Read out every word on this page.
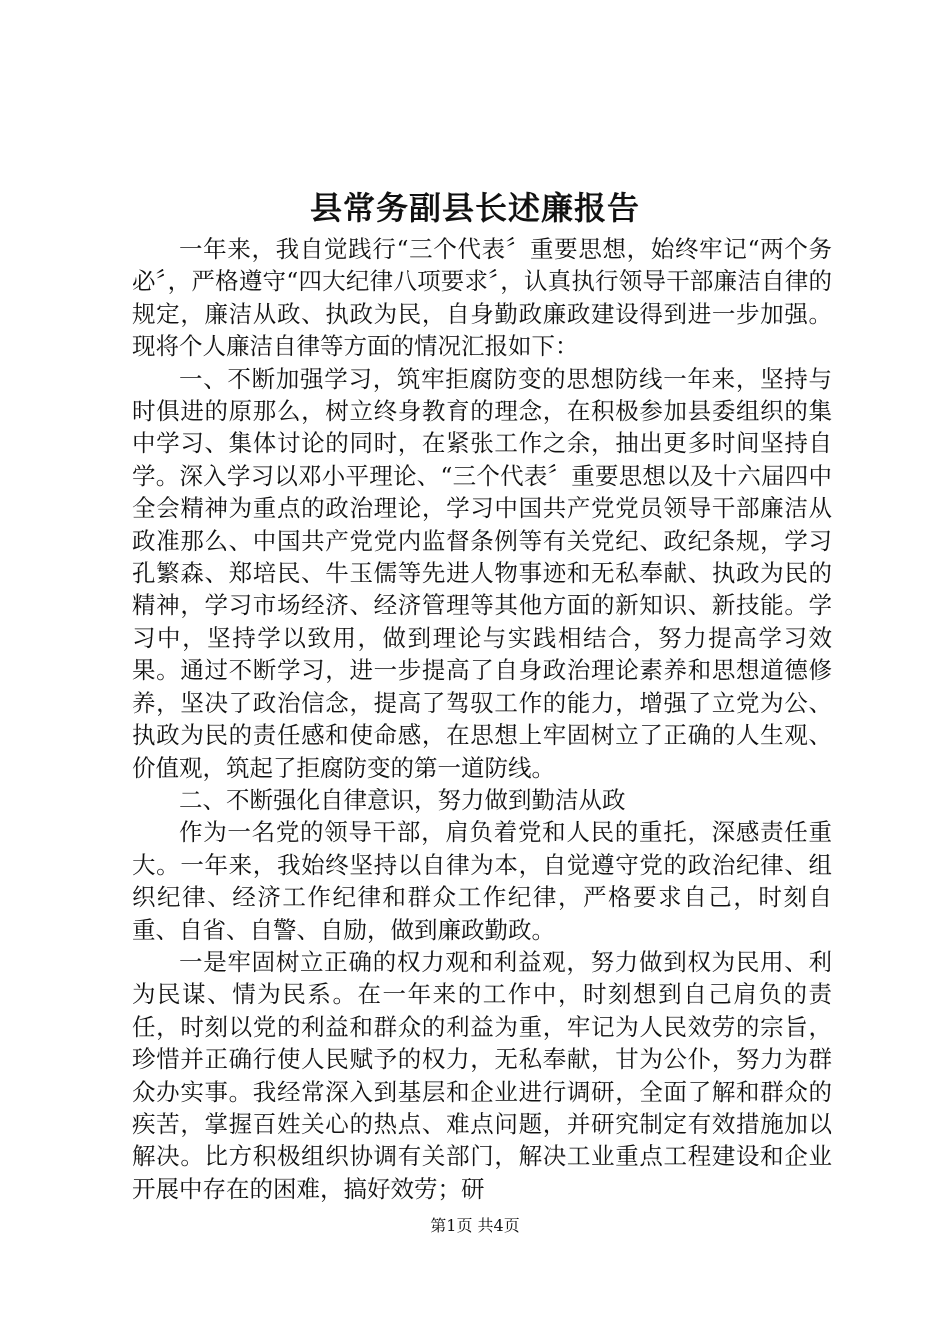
县常务副县长述廉报告

一年来，我自觉践行“三个代表〞重要思想，始终牢记“两个务必〞，严格遵守“四大纪律八项要求〞，认真执行领导干部廉洁自律的规定，廉洁从政、执政为民，自身勤政廉政建设得到进一步加强。现将个人廉洁自律等方面的情况汇报如下：

一、不断加强学习，筑牢拒腐防变的思想防线一年来，坚持与时俱进的原那么，树立终身教育的理念，在积极参加县委组织的集中学习、集体讨论的同时，在紧张工作之余，抽出更多时间坚持自学。深入学习以邓小平理论、“三个代表〞重要思想以及十六届四中全会精神为重点的政治理论，学习中国共产党党员领导干部廉洁从政准那么、中国共产党党内监督条例等有关党纪、政纪条规，学习孔繁森、郑培民、牛玉儒等先进人物事迹和无私奉献、执政为民的精神，学习市场经济、经济管理等其他方面的新知识、新技能。学习中，坚持学以致用，做到理论与实践相结合，努力提高学习效果。通过不断学习，进一步提高了自身政治理论素养和思想道德修养，坚决了政治信念，提高了驾驭工作的能力，增强了立党为公、执政为民的责任感和使命感，在思想上牢固树立了正确的人生观、价值观，筑起了拒腐防变的第一道防线。

二、不断强化自律意识，努力做到勤洁从政

作为一名党的领导干部，肩负着党和人民的重托，深感责任重大。一年来，我始终坚持以自律为本，自觉遵守党的政治纪律、组织纪律、经济工作纪律和群众工作纪律，严格要求自己，时刻自重、自省、自警、自励，做到廉政勤政。

一是牢固树立正确的权力观和利益观，努力做到权为民用、利为民谋、情为民系。在一年来的工作中，时刻想到自己肩负的责任，时刻以党的利益和群众的利益为重，牢记为人民效劳的宗旨，珍惜并正确行使人民赋予的权力，无私奉献，甘为公仆，努力为群众办实事。我经常深入到基层和企业进行调研，全面了解和群众的疾苦，掌握百姓关心的热点、难点问题，并研究制定有效措施加以解决。比方积极组织协调有关部门，解决工业重点工程建设和企业开展中存在的困难，搞好效劳；研

第1页 共4页
